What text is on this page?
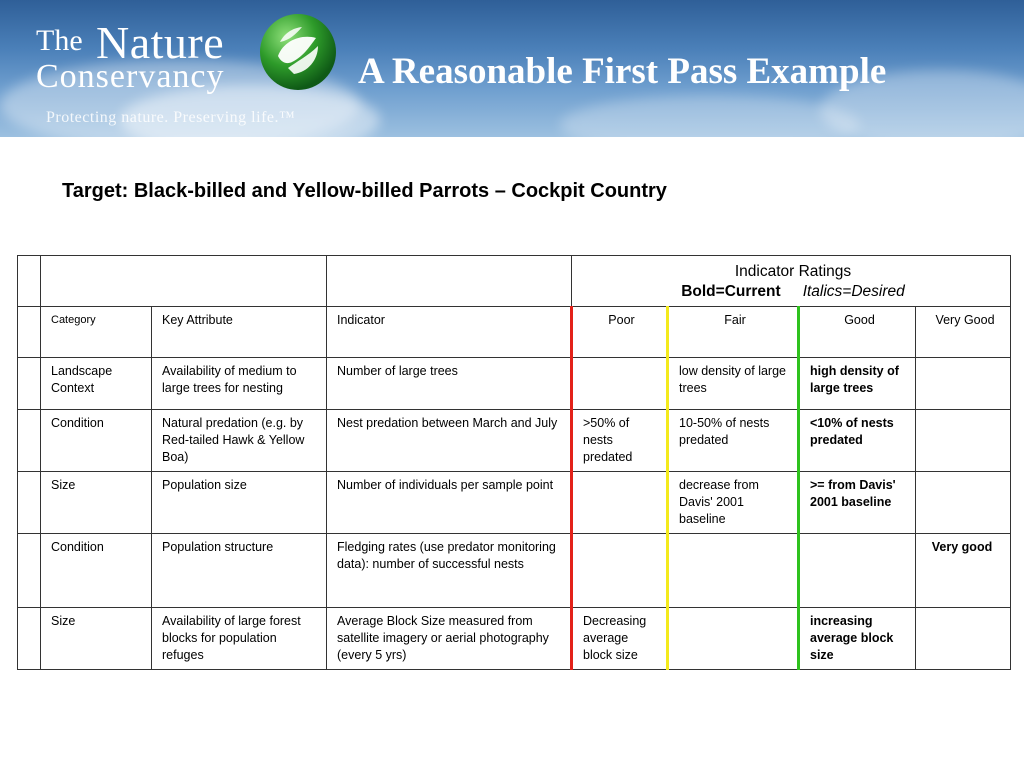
The Nature
Conservancy
Protecting nature. Preserving life.™
A Reasonable First Pass Example
Target: Black-billed and Yellow-billed Parrots – Cockpit Country

				Indicator Ratings
Bold=Current Italics=Desired			

	Category	Key Attribute	Indicator	Poor	Fair	Good	Very Good
	Landscape Context	Availability of medium to large trees for nesting	Number of large trees		low density of large trees	high density of large trees	
	Condition	Natural predation (e.g. by Red-tailed Hawk & Yellow Boa)	Nest predation between March and July	>50% of nests predated	10-50% of nests predated	<10% of nests predated	
	Size	Population size	Number of individuals per sample point		decrease from Davis' 2001 baseline	>= from Davis' 2001 baseline	
	Condition	Population structure	Fledging rates (use predator monitoring data): number of successful nests				Very good
	Size	Availability of large forest blocks for population refuges	Average Block Size measured from satellite imagery or aerial photography (every 5 yrs)	Decreasing average block size		increasing average block size	
